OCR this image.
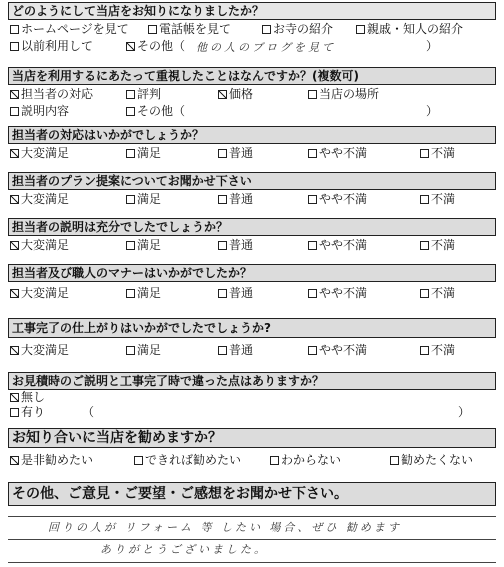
どのようにして当店をお知りになりましたか？
ホームページを見て	電話帳を見て	お寺の紹介	親戚・知人の紹介
以前利用して	その他（ 他の人のブログを見て	）
当店を利用するにあたって重視したことはなんですか？(複数可)
担当者の対応	評判	価格	当店の場所
説明内容	その他（	）
担当者の対応はいかがでしょうか？
大変満足	満足	普通	やや不満	不満
担当者のプラン提案についてお聞かせ下さい
大変満足	満足	普通	やや不満	不満
担当者の説明は充分でしたでしょうか？
大変満足	満足	普通	やや不満	不満
担当者及び職人のマナーはいかがでしたか？
大変満足	満足	普通	やや不満	不満
工事完了の仕上がりはいかがでしたでしょうか?
大変満足	満足	普通	やや不満	不満
お見積時のご説明と工事完了時で違った点はありますか？
無し
有り	（	）
お知り合いに当店を勧めますか？
是非勧めたい	できれば勧めたい	わからない	勧めたくない
その他、ご意見・ご要望・ご感想をお聞かせ下さい。
回りの人が リフォーム 等 したい 場合、ぜひ 勧めます
ありがとうございました。
